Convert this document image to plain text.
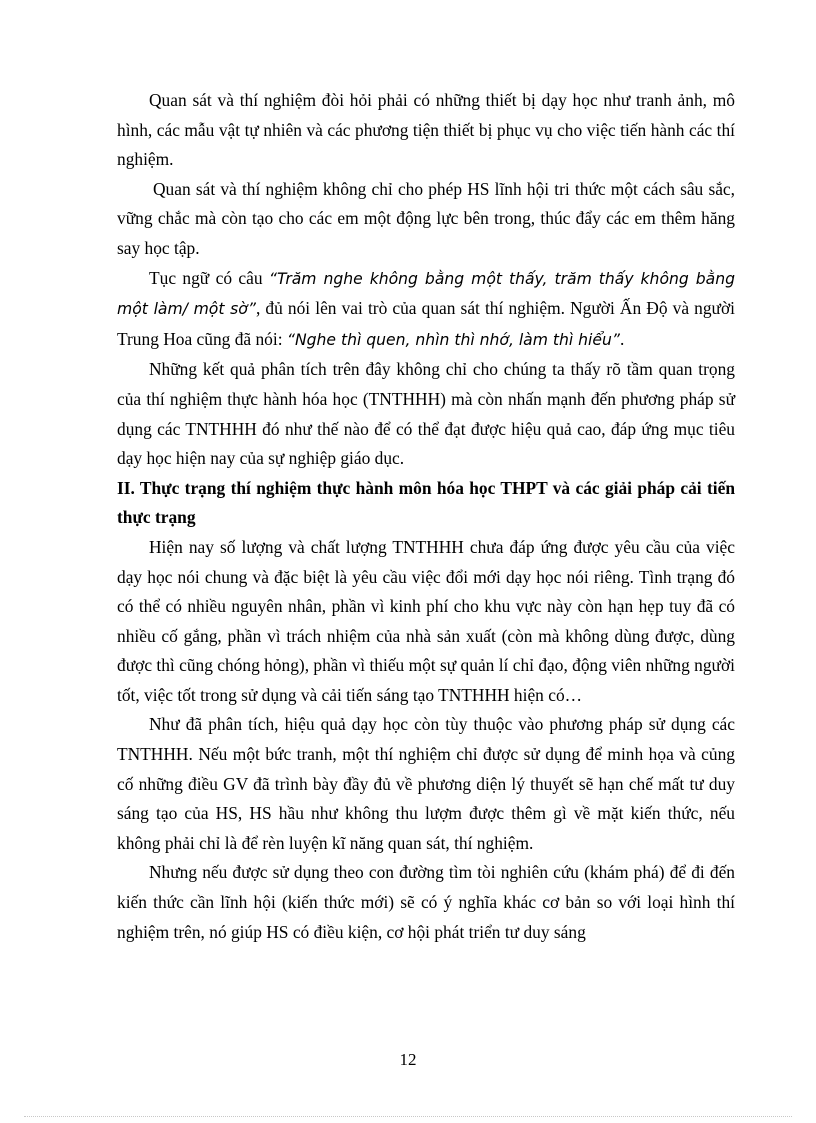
Quan sát và thí nghiệm đòi hỏi phải có những thiết bị dạy học như tranh ảnh, mô hình, các mẫu vật tự nhiên và các phương tiện thiết bị phục vụ cho việc tiến hành các thí nghiệm.

Quan sát và thí nghiệm không chỉ cho phép HS lĩnh hội tri thức một cách sâu sắc, vững chắc mà còn tạo cho các em một động lực bên trong, thúc đẩy các em thêm hăng say học tập.

Tục ngữ có câu “Trăm nghe không bằng một thấy, trăm thấy không bằng một làm/ một sờ”, đủ nói lên vai trò của quan sát thí nghiệm. Người Ấn Độ và người Trung Hoa cũng đã nói: “Nghe thì quen, nhìn thì nhớ, làm thì hiểu”.

Những kết quả phân tích trên đây không chỉ cho chúng ta thấy rõ tầm quan trọng của thí nghiệm thực hành hóa học (TNTHHH) mà còn nhấn mạnh đến phương pháp sử dụng các TNTHHH đó như thế nào để có thể đạt được hiệu quả cao, đáp ứng mục tiêu dạy học hiện nay của sự nghiệp giáo dục.

II. Thực trạng thí nghiệm thực hành môn hóa học THPT và các giải pháp cải tiến thực trạng

Hiện nay số lượng và chất lượng TNTHHH chưa đáp ứng được yêu cầu của việc dạy học nói chung và đặc biệt là yêu cầu việc đổi mới dạy học nói riêng. Tình trạng đó có thể có nhiều nguyên nhân, phần vì kinh phí cho khu vực này còn hạn hẹp tuy đã có nhiều cố gắng, phần vì trách nhiệm của nhà sản xuất (còn mà không dùng được, dùng được thì cũng chóng hỏng), phần vì thiếu một sự quản lí chỉ đạo, động viên những người tốt, việc tốt trong sử dụng và cải tiến sáng tạo TNTHHH hiện có…

Như đã phân tích, hiệu quả dạy học còn tùy thuộc vào phương pháp sử dụng các TNTHHH. Nếu một bức tranh, một thí nghiệm chỉ được sử dụng để minh họa và củng cố những điều GV đã trình bày đầy đủ về phương diện lý thuyết sẽ hạn chế mất tư duy sáng tạo của HS, HS hầu như không thu lượm được thêm gì về mặt kiến thức, nếu không phải chỉ là để rèn luyện kĩ năng quan sát, thí nghiệm.

Nhưng nếu được sử dụng theo con đường tìm tòi nghiên cứu (khám phá) để đi đến kiến thức cần lĩnh hội (kiến thức mới) sẽ có ý nghĩa khác cơ bản so với loại hình thí nghiệm trên, nó giúp HS có điều kiện, cơ hội phát triển tư duy sáng

12
